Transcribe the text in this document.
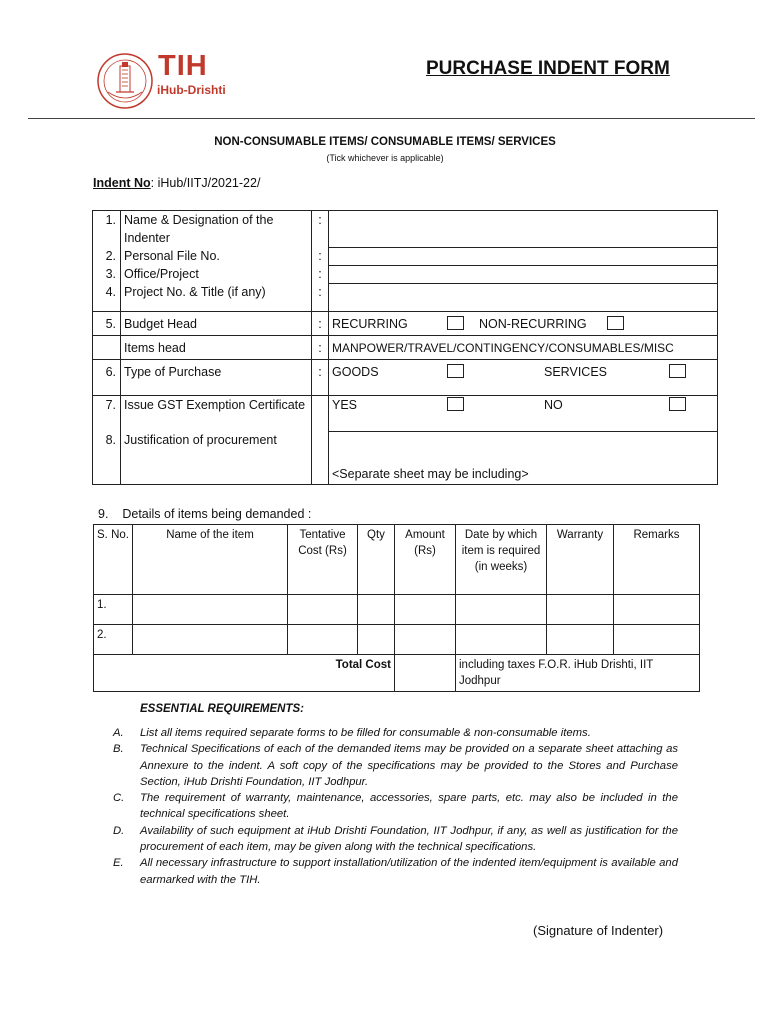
TIH
iHub-Drishti
PURCHASE INDENT FORM
NON-CONSUMABLE ITEMS/ CONSUMABLE ITEMS/ SERVICES
(Tick whichever is applicable)
Indent No: iHub/IITJ/2021-22/
1.	Name & Designation of the Indenter	:	
2.	Personal File No.	:	
3.	Office/Project	:	
4.	Project No. & Title (if any)	:	
5.	Budget Head	:	RECURRING NON-RECURRING
	Items head	:	MANPOWER/TRAVEL/CONTINGENCY/CONSUMABLES/MISC
6.	Type of Purchase	:	GOODS SERVICES
7.	Issue GST Exemption Certificate		YES NO
8.	Justification of procurement		<Separate sheet may be including>
9. Details of items being demanded :
S. No.	Name of the item	Tentative Cost (Rs)	Qty	Amount (Rs)	Date by which item is required (in weeks)	Warranty	Remarks
1.							
2.							
Total Cost					including taxes F.O.R. iHub Drishti, IIT Jodhpur		
ESSENTIAL REQUIREMENTS:
A.	List all items required separate forms to be filled for consumable & non-consumable items.
B.	Technical Specifications of each of the demanded items may be provided on a separate sheet attaching as Annexure to the indent. A soft copy of the specifications may be provided to the Stores and Purchase Section, iHub Drishti Foundation, IIT Jodhpur.
C.	The requirement of warranty, maintenance, accessories, spare parts, etc. may also be included in the technical specifications sheet.
D.	Availability of such equipment at iHub Drishti Foundation, IIT Jodhpur, if any, as well as justification for the procurement of each item, may be given along with the technical specifications.
E.	All necessary infrastructure to support installation/utilization of the indented item/equipment is available and earmarked with the TIH.
(Signature of Indenter)
